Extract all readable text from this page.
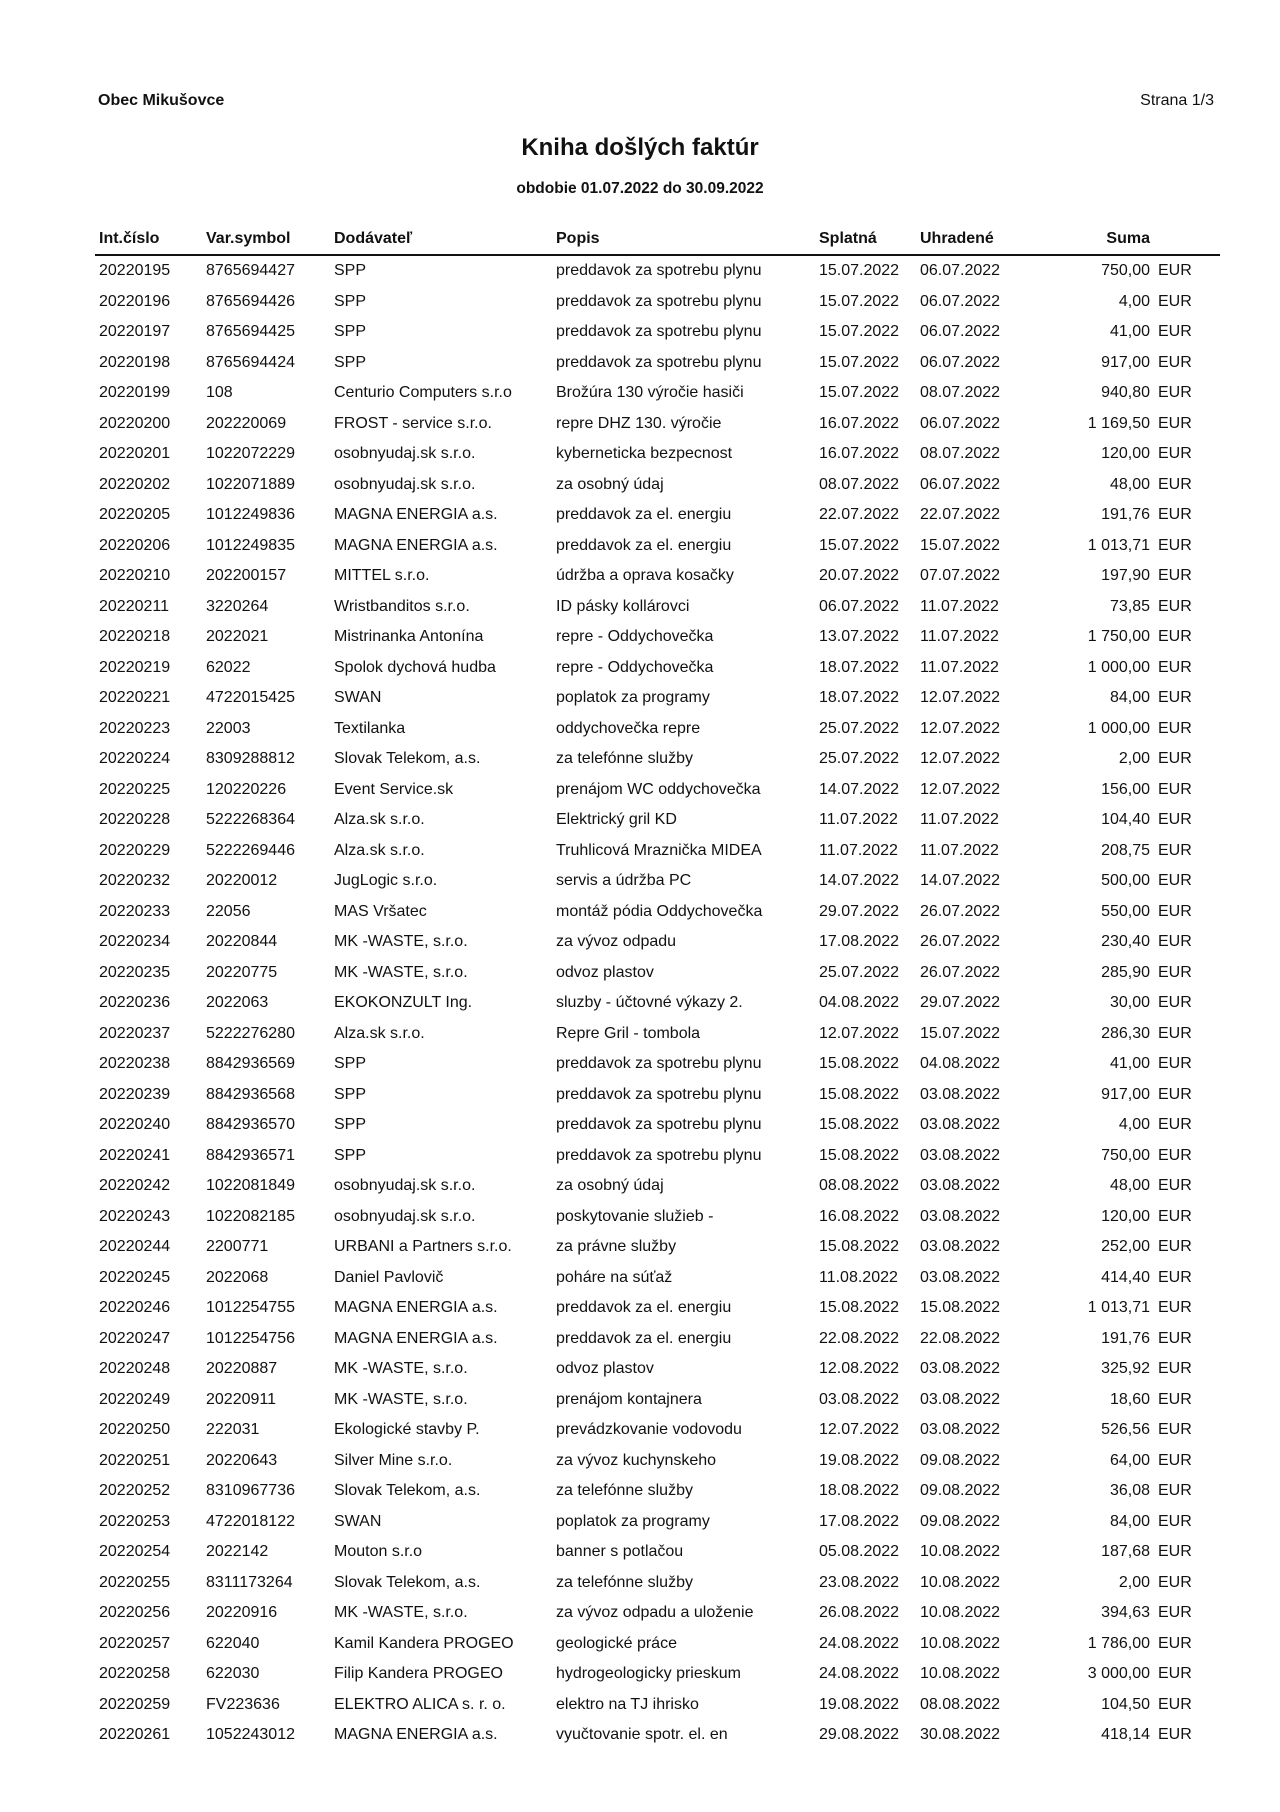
Obec Mikušovce	Strana 1/3
Kniha došlých faktúr
obdobie 01.07.2022 do 30.09.2022
Int.číslo	Var.symbol	Dodávateľ	Popis	Splatná	Uhradené	Suma	
20220195	8765694427	SPP	preddavok za spotrebu plynu	15.07.2022	06.07.2022	750,00	EUR
20220196	8765694426	SPP	preddavok za spotrebu plynu	15.07.2022	06.07.2022	4,00	EUR
20220197	8765694425	SPP	preddavok za spotrebu plynu	15.07.2022	06.07.2022	41,00	EUR
20220198	8765694424	SPP	preddavok za spotrebu plynu	15.07.2022	06.07.2022	917,00	EUR
20220199	108	Centurio Computers s.r.o	Brožúra 130 výročie hasiči	15.07.2022	08.07.2022	940,80	EUR
20220200	202220069	FROST - service s.r.o.	repre DHZ 130. výročie	16.07.2022	06.07.2022	1 169,50	EUR
20220201	1022072229	osobnyudaj.sk s.r.o.	kyberneticka bezpecnost	16.07.2022	08.07.2022	120,00	EUR
20220202	1022071889	osobnyudaj.sk s.r.o.	za osobný údaj	08.07.2022	06.07.2022	48,00	EUR
20220205	1012249836	MAGNA ENERGIA a.s.	preddavok za el. energiu	22.07.2022	22.07.2022	191,76	EUR
20220206	1012249835	MAGNA ENERGIA a.s.	preddavok za el. energiu	15.07.2022	15.07.2022	1 013,71	EUR
20220210	202200157	MITTEL s.r.o.	údržba a oprava kosačky	20.07.2022	07.07.2022	197,90	EUR
20220211	3220264	Wristbanditos s.r.o.	ID pásky kollárovci	06.07.2022	11.07.2022	73,85	EUR
20220218	2022021	Mistrinanka Antonína	repre - Oddychovečka	13.07.2022	11.07.2022	1 750,00	EUR
20220219	62022	Spolok dychová hudba	repre - Oddychovečka	18.07.2022	11.07.2022	1 000,00	EUR
20220221	4722015425	SWAN	poplatok za programy	18.07.2022	12.07.2022	84,00	EUR
20220223	22003	Textilanka	oddychovečka repre	25.07.2022	12.07.2022	1 000,00	EUR
20220224	8309288812	Slovak Telekom, a.s.	za telefónne služby	25.07.2022	12.07.2022	2,00	EUR
20220225	120220226	Event Service.sk	prenájom WC oddychovečka	14.07.2022	12.07.2022	156,00	EUR
20220228	5222268364	Alza.sk s.r.o.	Elektrický gril KD	11.07.2022	11.07.2022	104,40	EUR
20220229	5222269446	Alza.sk s.r.o.	Truhlicová Mraznička MIDEA	11.07.2022	11.07.2022	208,75	EUR
20220232	20220012	JugLogic s.r.o.	servis a údržba PC	14.07.2022	14.07.2022	500,00	EUR
20220233	22056	MAS Vršatec	montáž pódia Oddychovečka	29.07.2022	26.07.2022	550,00	EUR
20220234	20220844	MK -WASTE, s.r.o.	za vývoz odpadu	17.08.2022	26.07.2022	230,40	EUR
20220235	20220775	MK -WASTE, s.r.o.	odvoz plastov	25.07.2022	26.07.2022	285,90	EUR
20220236	2022063	EKOKONZULT Ing.	sluzby - účtovné výkazy 2.	04.08.2022	29.07.2022	30,00	EUR
20220237	5222276280	Alza.sk s.r.o.	Repre Gril - tombola	12.07.2022	15.07.2022	286,30	EUR
20220238	8842936569	SPP	preddavok za spotrebu plynu	15.08.2022	04.08.2022	41,00	EUR
20220239	8842936568	SPP	preddavok za spotrebu plynu	15.08.2022	03.08.2022	917,00	EUR
20220240	8842936570	SPP	preddavok za spotrebu plynu	15.08.2022	03.08.2022	4,00	EUR
20220241	8842936571	SPP	preddavok za spotrebu plynu	15.08.2022	03.08.2022	750,00	EUR
20220242	1022081849	osobnyudaj.sk s.r.o.	za osobný údaj	08.08.2022	03.08.2022	48,00	EUR
20220243	1022082185	osobnyudaj.sk s.r.o.	poskytovanie služieb -	16.08.2022	03.08.2022	120,00	EUR
20220244	2200771	URBANI a Partners s.r.o.	za právne služby	15.08.2022	03.08.2022	252,00	EUR
20220245	2022068	Daniel Pavlovič	poháre na súťaž	11.08.2022	03.08.2022	414,40	EUR
20220246	1012254755	MAGNA ENERGIA a.s.	preddavok za el. energiu	15.08.2022	15.08.2022	1 013,71	EUR
20220247	1012254756	MAGNA ENERGIA a.s.	preddavok za el. energiu	22.08.2022	22.08.2022	191,76	EUR
20220248	20220887	MK -WASTE, s.r.o.	odvoz plastov	12.08.2022	03.08.2022	325,92	EUR
20220249	20220911	MK -WASTE, s.r.o.	prenájom kontajnera	03.08.2022	03.08.2022	18,60	EUR
20220250	222031	Ekologické stavby P.	prevádzkovanie vodovodu	12.07.2022	03.08.2022	526,56	EUR
20220251	20220643	Silver Mine s.r.o.	za vývoz kuchynskeho	19.08.2022	09.08.2022	64,00	EUR
20220252	8310967736	Slovak Telekom, a.s.	za telefónne služby	18.08.2022	09.08.2022	36,08	EUR
20220253	4722018122	SWAN	poplatok za programy	17.08.2022	09.08.2022	84,00	EUR
20220254	2022142	Mouton s.r.o	banner s potlačou	05.08.2022	10.08.2022	187,68	EUR
20220255	8311173264	Slovak Telekom, a.s.	za telefónne služby	23.08.2022	10.08.2022	2,00	EUR
20220256	20220916	MK -WASTE, s.r.o.	za vývoz odpadu a uloženie	26.08.2022	10.08.2022	394,63	EUR
20220257	622040	Kamil Kandera PROGEO	geologické práce	24.08.2022	10.08.2022	1 786,00	EUR
20220258	622030	Filip Kandera PROGEO	hydrogeologicky prieskum	24.08.2022	10.08.2022	3 000,00	EUR
20220259	FV223636	ELEKTRO ALICA s. r. o.	elektro na TJ ihrisko	19.08.2022	08.08.2022	104,50	EUR
20220261	1052243012	MAGNA ENERGIA a.s.	vyučtovanie spotr. el. en	29.08.2022	30.08.2022	418,14	EUR
